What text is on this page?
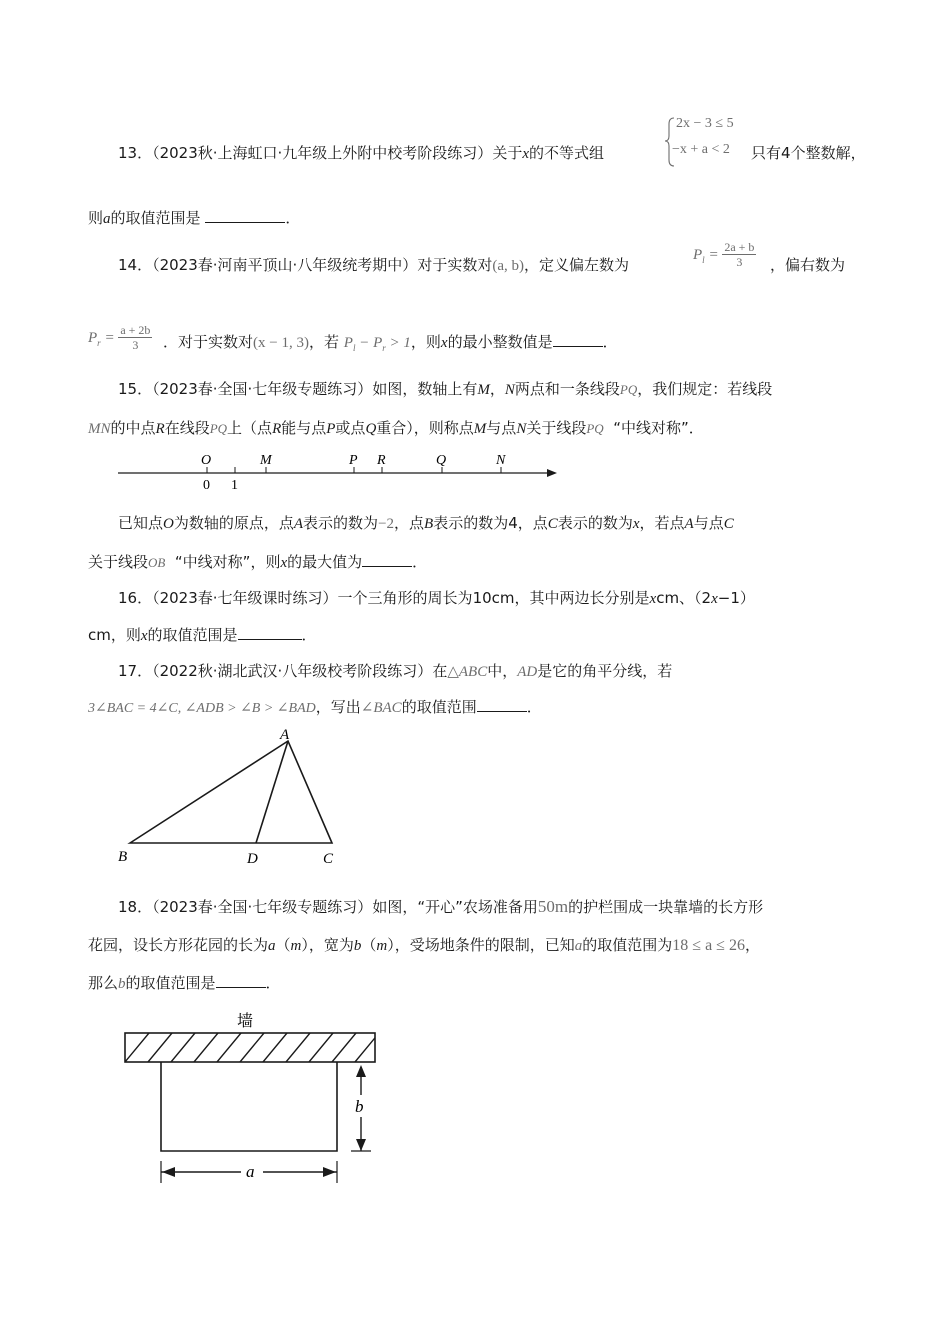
13．（2023秋·上海虹口·九年级上外附中校考阶段练习）关于x的不等式组
2x − 3 ≤ 5
−x + a < 2 只有4个整数解，
则a的取值范围是	．
14．（2023春·河南平顶山·八年级统考期中）对于实数对(a, b)，定义偏左数为
$P_l = \frac{2a + b}{3}$ ，偏右数为
$P_r = \frac{a + 2b}{3}$ ．对于实数对(x − 1, 3)，若 $P_l - P_r > 1$，则x的最小整数值是	．
15．（2023春·全国·七年级专题练习）如图，数轴上有M，N两点和一条线段PQ，我们规定：若线段
MN的中点R在线段PQ上（点R能与点P或点Q重合），则称点M与点N关于线段PQ “中线对称”．
O	M	P R	Q	N
0 1
已知点O为数轴的原点，点A表示的数为−2，点B表示的数为4，点C表示的数为x，若点A与点C
关于线段OB “中线对称”，则x的最大值为	．
16．（2023春·七年级课时练习）一个三角形的周长为10cm，其中两边长分别是xcm、（2x−1）
cm，则x的取值范围是	．
17．（2022秋·湖北武汉·八年级校考阶段练习）在△ABC中，AD是它的角平分线，若
3∠BAC = 4∠C, ∠ADB > ∠B > ∠BAD，写出∠BAC的取值范围	．
A
B	D	C
18．（2023春·全国·七年级专题练习）如图，“开心”农场准备用50m的护栏围成一块靠墙的长方形
花园，设长方形花园的长为a（m），宽为b（m），受场地条件的限制，已知a的取值范围为18 ≤ a ≤ 26，
那么b的取值范围是	．
墙
b
a
